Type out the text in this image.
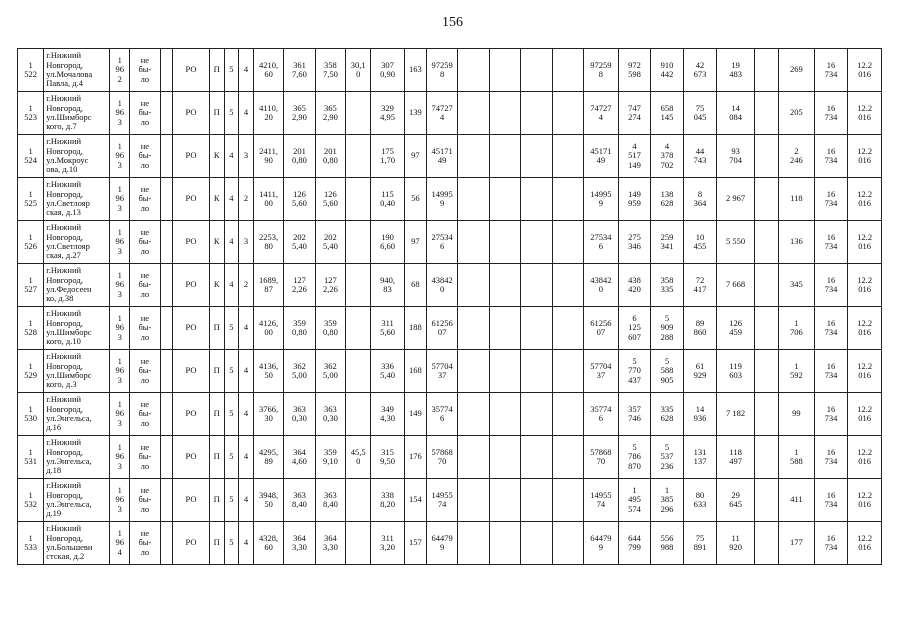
156
1
522	г.Нижний
Новгород,
ул.Мочалова
Павла, д.4	1
96
2	не
бы-
ло		РО	П	5	4	4210,
60	361
7,60	358
7,50	30,1
0	307
0,90	163	97259
8					97259
8	972
598	910
442	42
673	19
483		269	16
734	12.2
016
1
523	г.Нижний
Новгород,
ул.Шимборс
кого, д.7	1
96
3	не
бы-
ло		РО	П	5	4	4110,
20	365
2,90	365
2,90		329
4,95	139	74727
4					74727
4	747
274	658
145	75
045	14
084		205	16
734	12.2
016
1
524	г.Нижний
Новгород,
ул.Мокроус
ова, д.10	1
96
3	не
бы-
ло		РО	К	4	3	2411,
90	201
0,80	201
0,80		175
1,70	97	45171
49					45171
49	4
517
149	4
378
702	44
743	93
704		2
246	16
734	12.2
016
1
525	г.Нижний
Новгород,
ул.Светлояр
ская, д.13	1
96
3	не
бы-
ло		РО	К	4	2	1411,
00	126
5,60	126
5,60		115
0,40	56	14995
9					14995
9	149
959	138
628	8
364	2 967		118	16
734	12.2
016
1
526	г.Нижний
Новгород,
ул.Светлояр
ская, д.27	1
96
3	не
бы-
ло		РО	К	4	3	2253,
80	202
5,40	202
5,40		190
6,60	97	27534
6					27534
6	275
346	259
341	10
455	5 550		136	16
734	12.2
016
1
527	г.Нижний
Новгород,
ул.Федосеен
ко, д.38	1
96
3	не
бы-
ло		РО	К	4	2	1689,
87	127
2,26	127
2,26		940,
83	68	43842
0					43842
0	438
420	358
335	72
417	7 668		345	16
734	12.2
016
1
528	г.Нижний
Новгород,
ул.Шимборс
кого, д.10	1
96
3	не
бы-
ло		РО	П	5	4	4126,
00	359
0,80	359
0,80		311
5,60	188	61256
07					61256
07	6
125
607	5
909
288	89
860	126
459		1
706	16
734	12.2
016
1
529	г.Нижний
Новгород,
ул.Шимборс
кого, д.3	1
96
3	не
бы-
ло		РО	П	5	4	4136,
50	362
5,00	362
5,00		336
5,40	168	57704
37					57704
37	5
770
437	5
588
905	61
929	119
603		1
592	16
734	12.2
016
1
530	г.Нижний
Новгород,
ул.Энгельса,
д.16	1
96
3	не
бы-
ло		РО	П	5	4	3766,
30	363
0,30	363
0,30		349
4,30	149	35774
6					35774
6	357
746	335
628	14
936	7 182		99	16
734	12.2
016
1
531	г.Нижний
Новгород,
ул.Энгельса,
д.18	1
96
3	не
бы-
ло		РО	П	5	4	4295,
89	364
4,60	359
9,10	45,5
0	315
9,50	176	57868
70					57868
70	5
786
870	5
537
236	131
137	118
497		1
588	16
734	12.2
016
1
532	г.Нижний
Новгород,
ул.Энгельса,
д.19	1
96
3	не
бы-
ло		РО	П	5	4	3948,
50	363
8,40	363
8,40		338
8,20	154	14955
74					14955
74	1
495
574	1
385
296	80
633	29
645		411	16
734	12.2
016
1
533	г.Нижний
Новгород,
ул.Большеви
стская, д.2	1
96
4	не
бы-
ло		РО	П	5	4	4328,
60	364
3,30	364
3,30		311
3,20	157	64479
9					64479
9	644
799	556
988	75
891	11
920		177	16
734	12.2
016
